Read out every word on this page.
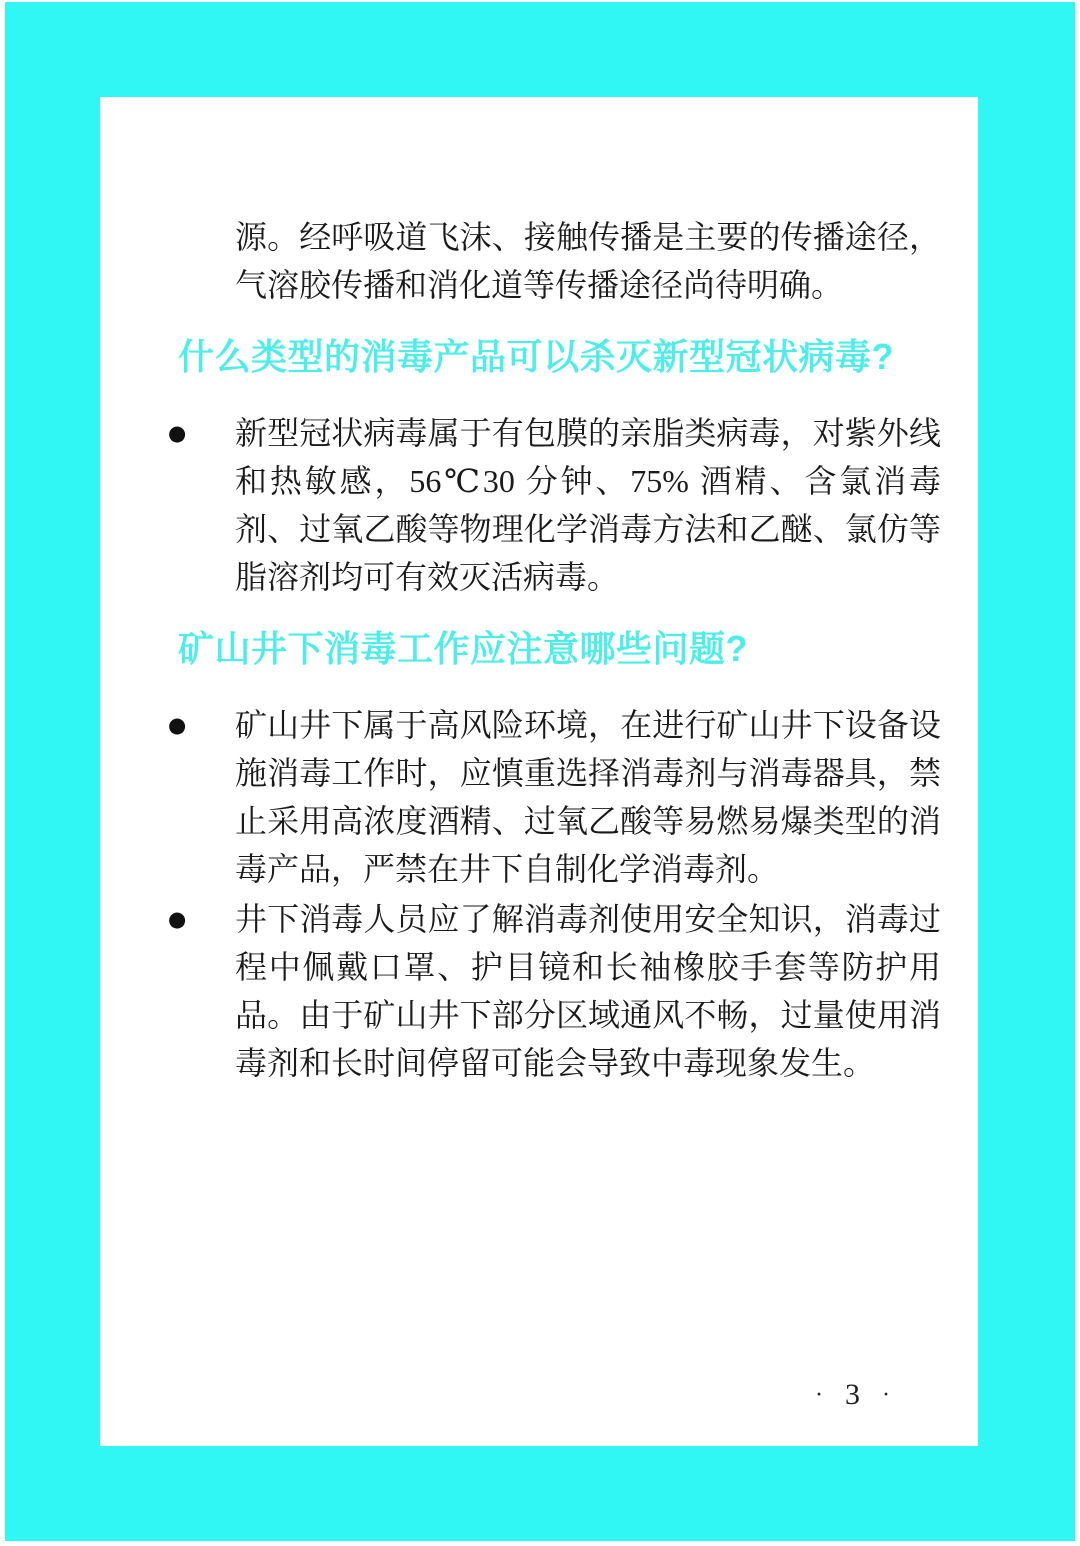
源。经呼吸道飞沫、接触传播是主要的传播途径，气溶胶传播和消化道等传播途径尚待明确。

什么类型的消毒产品可以杀灭新型冠状病毒?
● 新型冠状病毒属于有包膜的亲脂类病毒，对紫外线和热敏感，56℃30 分钟、75% 酒精、含氯消毒剂、过氧乙酸等物理化学消毒方法和乙醚、氯仿等脂溶剂均可有效灭活病毒。

矿山井下消毒工作应注意哪些问题?
● 矿山井下属于高风险环境，在进行矿山井下设备设施消毒工作时，应慎重选择消毒剂与消毒器具，禁止采用高浓度酒精、过氧乙酸等易燃易爆类型的消毒产品，严禁在井下自制化学消毒剂。

● 井下消毒人员应了解消毒剂使用安全知识，消毒过程中佩戴口罩、护目镜和长袖橡胶手套等防护用品。由于矿山井下部分区域通风不畅，过量使用消毒剂和长时间停留可能会导致中毒现象发生。

· 3 ·
